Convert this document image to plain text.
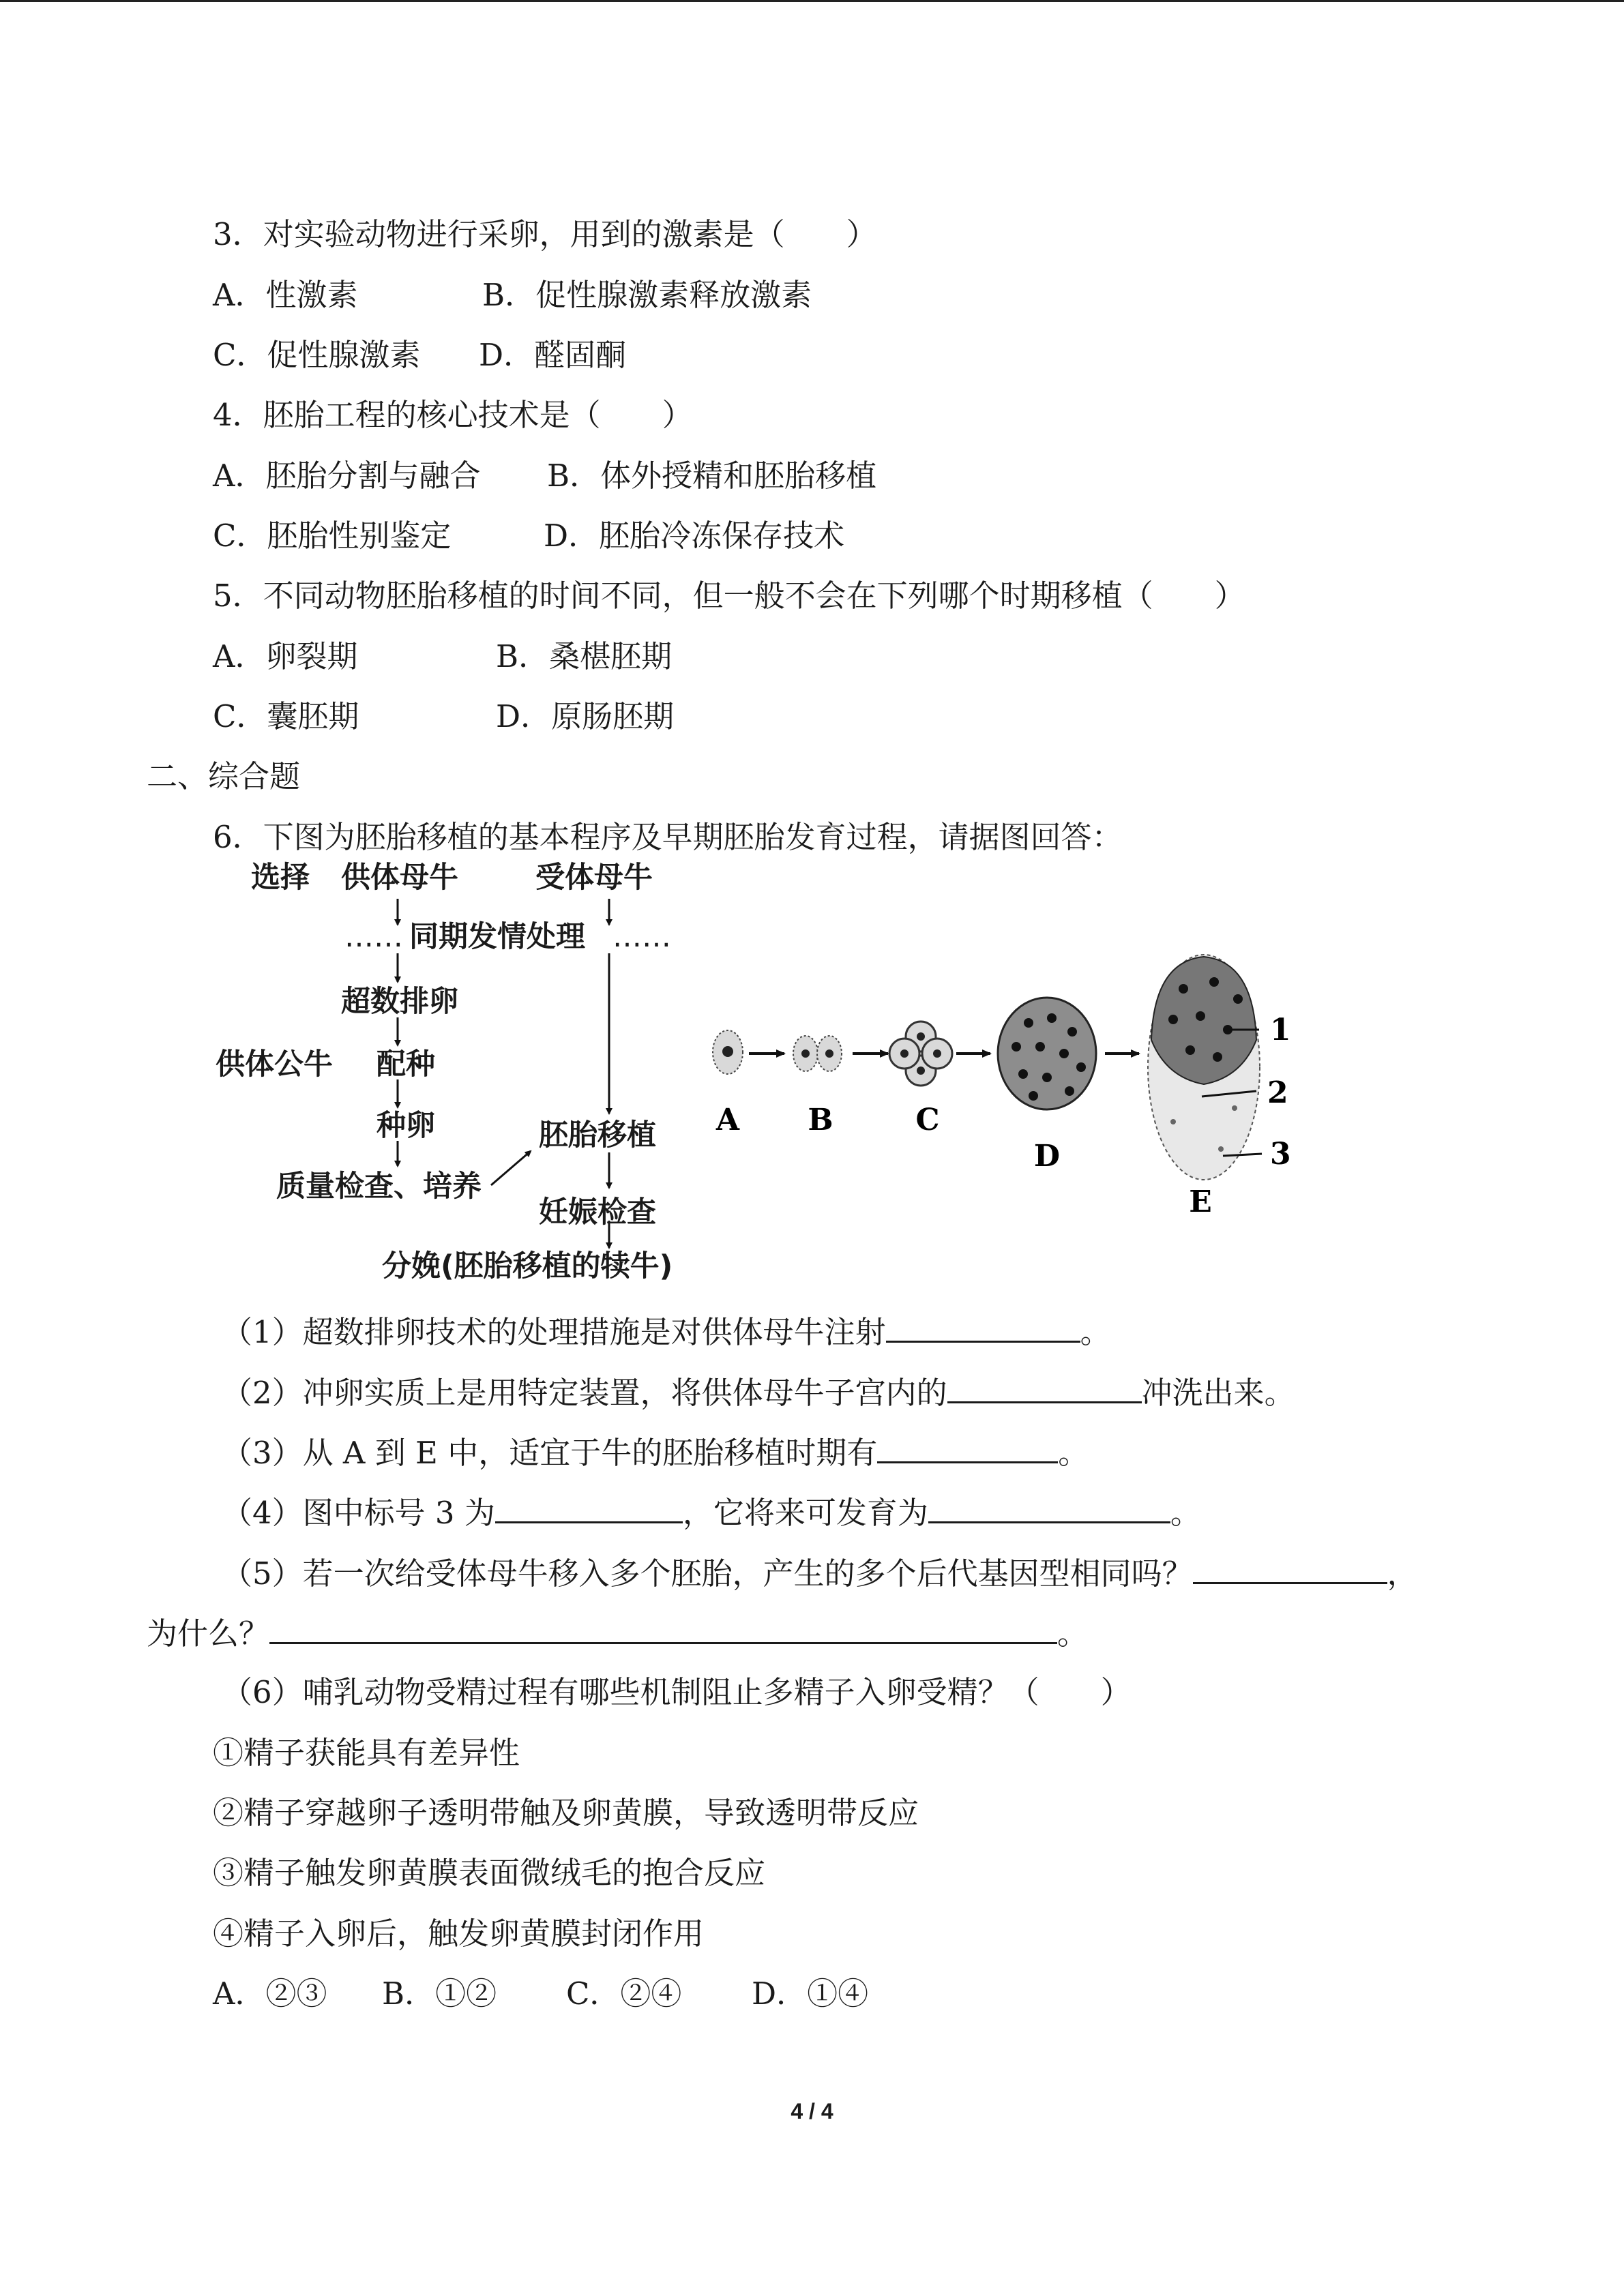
3．对实验动物进行采卵，用到的激素是（　　）
A．性激素	B．促性腺激素释放激素
C．促性腺激素 D．醛固酮
4．胚胎工程的核心技术是（　　）
A．胚胎分割与融合 B．体外授精和胚胎移植
C．胚胎性别鉴定	D．胚胎冷冻保存技术
5．不同动物胚胎移植的时间不同，但一般不会在下列哪个时期移植（　　）
A．卵裂期	B．桑椹胚期
C．囊胚期	D．原肠胚期
二、综合题
6．下图为胚胎移植的基本程序及早期胚胎发育过程，请据图回答：
选择 供体母牛	受体母牛
…… 同期发情处理 ……
超数排卵
供体公牛 配种
种卵	胚胎移植
质量检查、培养
妊娠检查
分娩(胚胎移植的犊牛)
A B	C
D
E
1
2
3
（1）超数排卵技术的处理措施是对供体母牛注射	。
（2）冲卵实质上是用特定装置，将供体母牛子宫内的	冲洗出来。
（3）从 A 到 E 中，适宜于牛的胚胎移植时期有	。
（4）图中标号 3 为	，它将来可发育为	。
（5）若一次给受体母牛移入多个胚胎，产生的多个后代基因型相同吗？	，
为什么？	。
（6）哺乳动物受精过程有哪些机制阻止多精子入卵受精？（　　）
①精子获能具有差异性
②精子穿越卵子透明带触及卵黄膜，导致透明带反应
③精子触发卵黄膜表面微绒毛的抱合反应
④精子入卵后，触发卵黄膜封闭作用
A．②③ B．①② C．②④ D．①④
4 / 4
